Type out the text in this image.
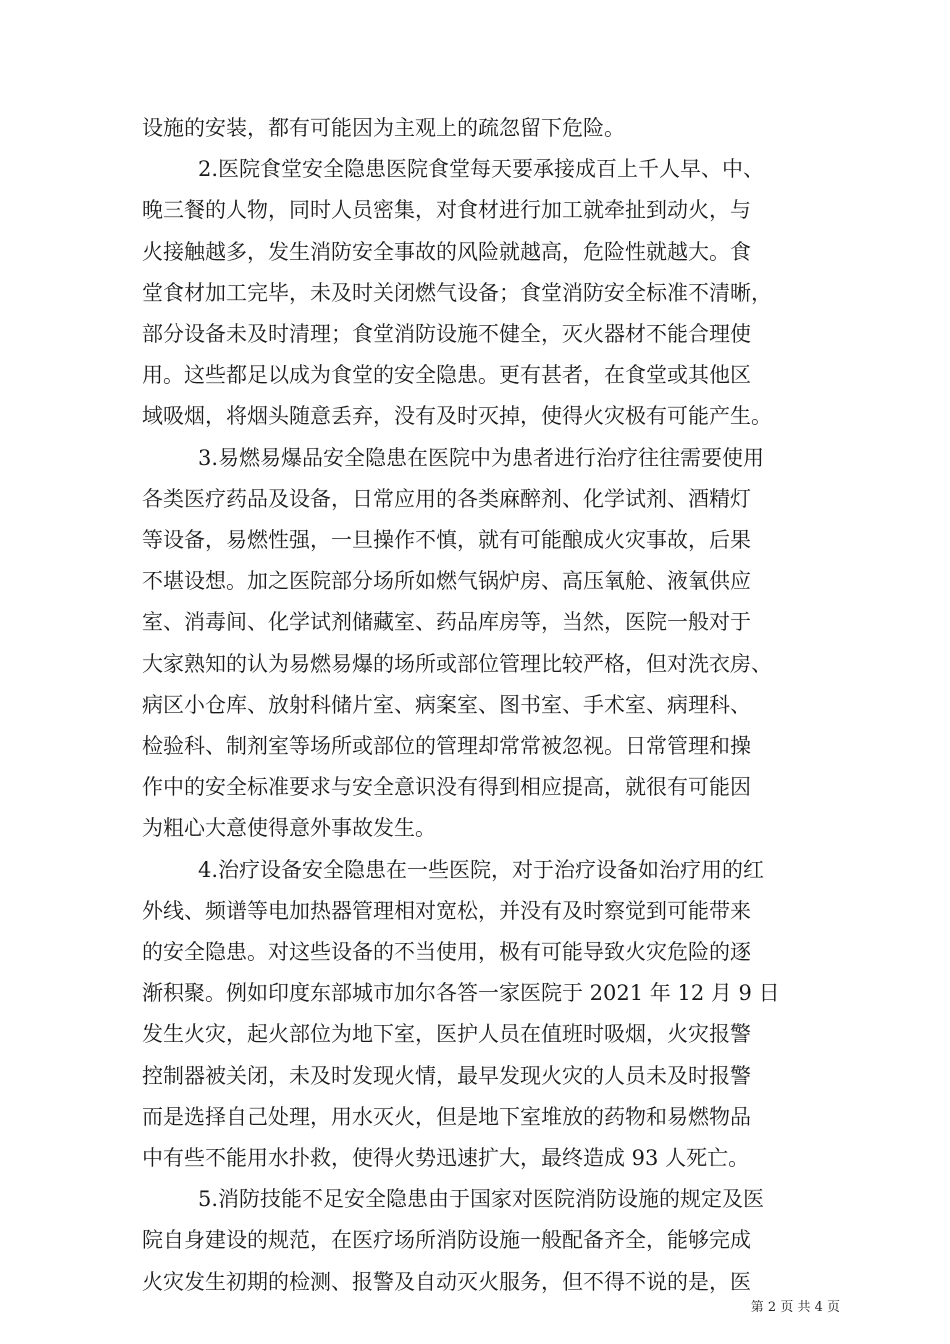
设施的安装，都有可能因为主观上的疏忽留下危险。
2.医院食堂安全隐患医院食堂每天要承接成百上千人早、中、
晚三餐的人物，同时人员密集，对食材进行加工就牵扯到动火，与
火接触越多，发生消防安全事故的风险就越高，危险性就越大。食
堂食材加工完毕，未及时关闭燃气设备；食堂消防安全标准不清晰，
部分设备未及时清理；食堂消防设施不健全，灭火器材不能合理使
用。这些都足以成为食堂的安全隐患。更有甚者，在食堂或其他区
域吸烟，将烟头随意丢弃，没有及时灭掉，使得火灾极有可能产生。
3.易燃易爆品安全隐患在医院中为患者进行治疗往往需要使用
各类医疗药品及设备，日常应用的各类麻醉剂、化学试剂、酒精灯
等设备，易燃性强，一旦操作不慎，就有可能酿成火灾事故，后果
不堪设想。加之医院部分场所如燃气锅炉房、高压氧舱、液氧供应
室、消毒间、化学试剂储藏室、药品库房等，当然，医院一般对于
大家熟知的认为易燃易爆的场所或部位管理比较严格，但对洗衣房、
病区小仓库、放射科储片室、病案室、图书室、手术室、病理科、
检验科、制剂室等场所或部位的管理却常常被忽视。日常管理和操
作中的安全标准要求与安全意识没有得到相应提高，就很有可能因
为粗心大意使得意外事故发生。
4.治疗设备安全隐患在一些医院，对于治疗设备如治疗用的红
外线、频谱等电加热器管理相对宽松，并没有及时察觉到可能带来
的安全隐患。对这些设备的不当使用，极有可能导致火灾危险的逐
渐积聚。例如印度东部城市加尔各答一家医院于 2021 年 12 月 9 日
发生火灾，起火部位为地下室，医护人员在值班时吸烟，火灾报警
控制器被关闭，未及时发现火情，最早发现火灾的人员未及时报警
而是选择自己处理，用水灭火，但是地下室堆放的药物和易燃物品
中有些不能用水扑救，使得火势迅速扩大，最终造成 93 人死亡。
5.消防技能不足安全隐患由于国家对医院消防设施的规定及医
院自身建设的规范，在医疗场所消防设施一般配备齐全，能够完成
火灾发生初期的检测、报警及自动灭火服务，但不得不说的是，医
第 2 页 共 4 页
